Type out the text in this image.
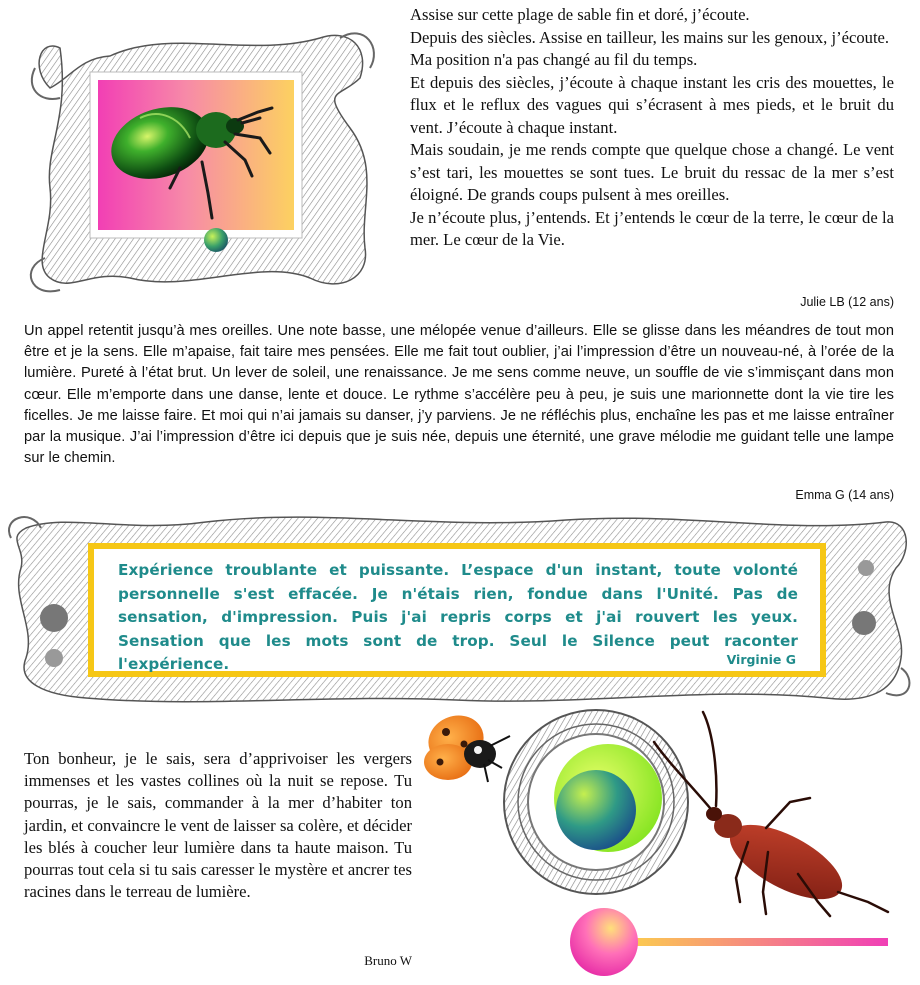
Assise sur cette plage de sable fin et doré, j’écoute.

Depuis des siècles. Assise en tailleur, les mains sur les genoux, j’écoute.

Ma position n'a pas changé au fil du temps.

Et depuis des siècles, j’écoute à chaque instant les cris des mouettes, le flux et le reflux des vagues qui s’écrasent à mes pieds, et le bruit du vent. J’écoute à chaque instant.

Mais soudain, je me rends compte que quelque chose a changé. Le vent s’est tari, les mouettes se sont tues. Le bruit du ressac de la mer s’est éloigné. De grands coups pulsent à mes oreilles.

Je n’écoute plus, j’entends. Et j’entends le cœur de la terre, le cœur de la mer. Le cœur de la Vie.

Julie LB (12 ans)
Un appel retentit jusqu’à mes oreilles. Une note basse, une mélopée venue d’ailleurs. Elle se glisse dans les méandres de tout mon être et je la sens. Elle m’apaise, fait taire mes pensées. Elle me fait tout oublier, j’ai l’impression d’être un nouveau-né, à l’orée de la lumière. Pureté à l’état brut. Un lever de soleil, une renaissance. Je me sens comme neuve, un souffle de vie s’immisçant dans mon cœur. Elle m’emporte dans une danse, lente et douce. Le rythme s’accélère peu à peu, je suis une marionnette dont la vie tire les ficelles. Je me laisse faire. Et moi qui n’ai jamais su danser, j’y parviens. Je ne réfléchis plus, enchaîne les pas et me laisse entraîner par la musique. J’ai l’impression d’être ici depuis que je suis née, depuis une éternité, une grave mélodie me guidant telle une lampe sur le chemin.
Emma G (14 ans)
Expérience troublante et puissante. L’espace d'un instant, toute volonté personnelle s'est effacée. Je n'étais rien, fondue dans l'Unité. Pas de sensation, d'impression. Puis j'ai repris corps et j'ai rouvert les yeux. Sensation que les mots sont de trop. Seul le Silence peut raconter l'expérience.	Virginie G
Ton bonheur, je le sais, sera d’apprivoiser les vergers immenses et les vastes collines où la nuit se repose. Tu pourras, je le sais, commander à la mer d’habiter ton jardin, et convaincre le vent de laisser sa colère, et décider les blés à coucher leur lumière dans ta haute maison. Tu pourras tout cela si tu sais caresser le mystère et ancrer tes racines dans le terreau de lumière.
Bruno W
